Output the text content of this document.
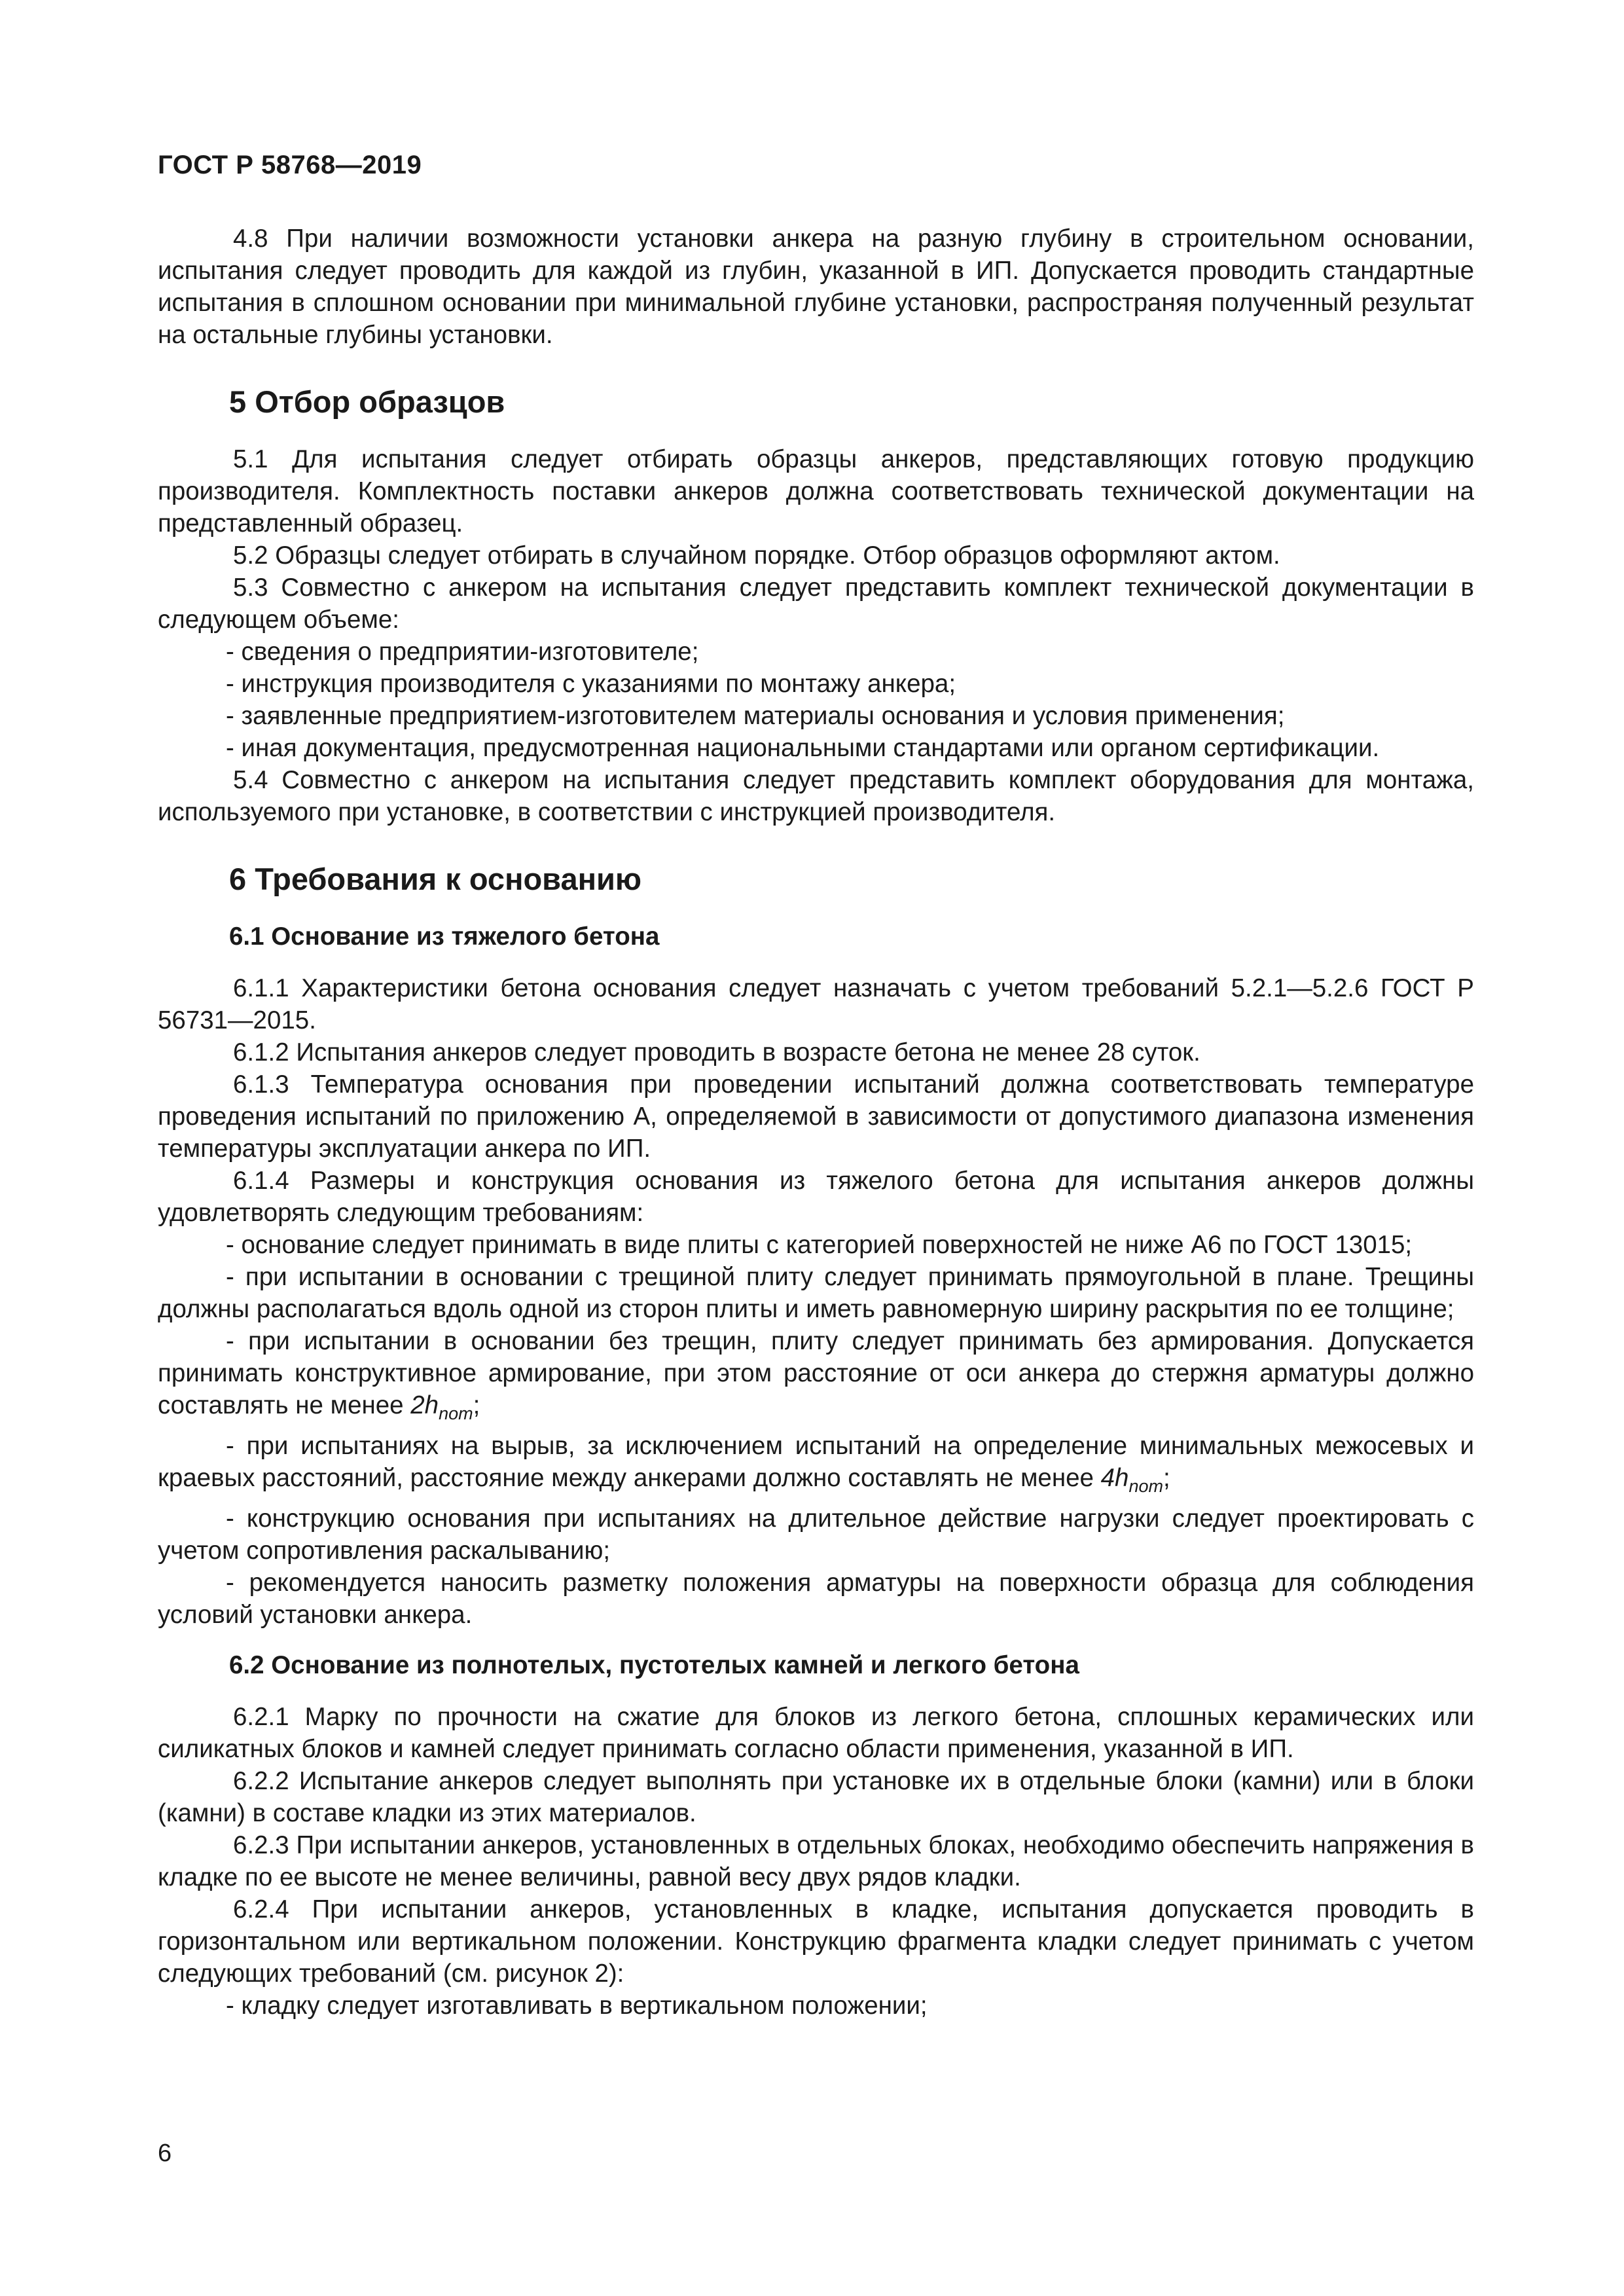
ГОСТ Р 58768—2019

4.8 При наличии возможности установки анкера на разную глубину в строительном основании, испытания следует проводить для каждой из глубин, указанной в ИП. Допускается проводить стандартные испытания в сплошном основании при минимальной глубине установки, распространяя полученный результат на остальные глубины установки.

5 Отбор образцов

5.1 Для испытания следует отбирать образцы анкеров, представляющих готовую продукцию производителя. Комплектность поставки анкеров должна соответствовать технической документации на представленный образец.

5.2 Образцы следует отбирать в случайном порядке. Отбор образцов оформляют актом.

5.3 Совместно с анкером на испытания следует представить комплект технической документации в следующем объеме:

- сведения о предприятии-изготовителе;

- инструкция производителя с указаниями по монтажу анкера;

- заявленные предприятием-изготовителем материалы основания и условия применения;

- иная документация, предусмотренная национальными стандартами или органом сертификации.

5.4 Совместно с анкером на испытания следует представить комплект оборудования для монтажа, используемого при установке, в соответствии с инструкцией производителя.

6 Требования к основанию
6.1 Основание из тяжелого бетона

6.1.1 Характеристики бетона основания следует назначать с учетом требований 5.2.1—5.2.6 ГОСТ Р 56731—2015.

6.1.2 Испытания анкеров следует проводить в возрасте бетона не менее 28 суток.

6.1.3 Температура основания при проведении испытаний должна соответствовать температуре проведения испытаний по приложению А, определяемой в зависимости от допустимого диапазона изменения температуры эксплуатации анкера по ИП.

6.1.4 Размеры и конструкция основания из тяжелого бетона для испытания анкеров должны удовлетворять следующим требованиям:

- основание следует принимать в виде плиты с категорией поверхностей не ниже А6 по ГОСТ 13015;

- при испытании в основании с трещиной плиту следует принимать прямоугольной в плане. Трещины должны располагаться вдоль одной из сторон плиты и иметь равномерную ширину раскрытия по ее толщине;

- при испытании в основании без трещин, плиту следует принимать без армирования. Допускается принимать конструктивное армирование, при этом расстояние от оси анкера до стержня арматуры должно составлять не менее $2h_{nom}$;

- при испытаниях на вырыв, за исключением испытаний на определение минимальных межосевых и краевых расстояний, расстояние между анкерами должно составлять не менее $4h_{nom}$;

- конструкцию основания при испытаниях на длительное действие нагрузки следует проектировать с учетом сопротивления раскалыванию;

- рекомендуется наносить разметку положения арматуры на поверхности образца для соблюдения условий установки анкера.

6.2 Основание из полнотелых, пустотелых камней и легкого бетона

6.2.1 Марку по прочности на сжатие для блоков из легкого бетона, сплошных керамических или силикатных блоков и камней следует принимать согласно области применения, указанной в ИП.

6.2.2 Испытание анкеров следует выполнять при установке их в отдельные блоки (камни) или в блоки (камни) в составе кладки из этих материалов.

6.2.3 При испытании анкеров, установленных в отдельных блоках, необходимо обеспечить напряжения в кладке по ее высоте не менее величины, равной весу двух рядов кладки.

6.2.4 При испытании анкеров, установленных в кладке, испытания допускается проводить в горизонтальном или вертикальном положении. Конструкцию фрагмента кладки следует принимать с учетом следующих требований (см. рисунок 2):

- кладку следует изготавливать в вертикальном положении;

6
